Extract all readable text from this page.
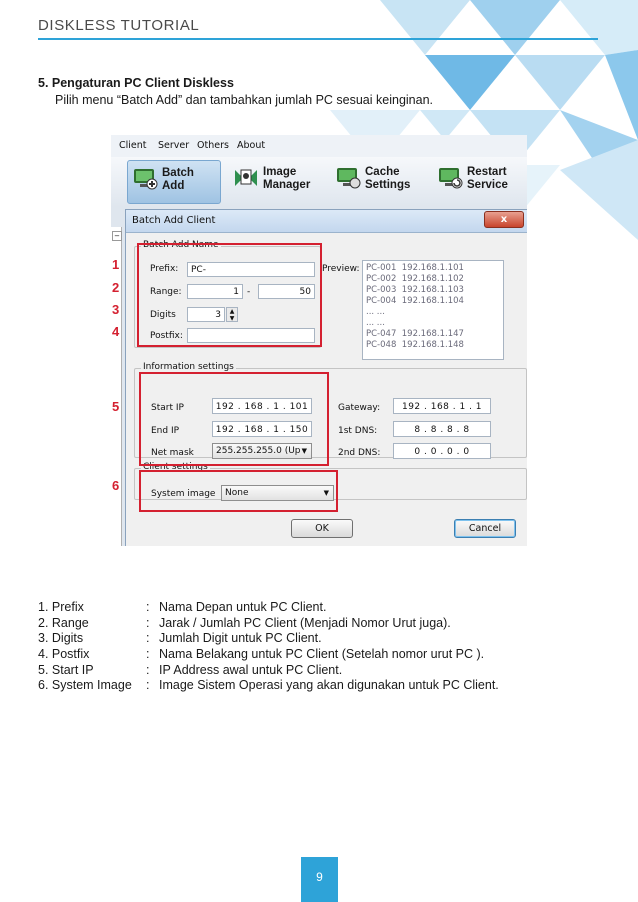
DISKLESS TUTORIAL
5. Pengaturan PC Client Diskless
Pilih menu “Batch Add” dan tambahkan jumlah PC sesuai keinginan.
Client Server Others About
Batch
Add
Image
Manager
Cache
Settings
Restart
Service
−
Batch Add Client	x
Batch Add Name
Prefix:	PC-
Range:	1 -	50
Digits	3	▲
▼
Postfix:
Preview: PC-001  192.168.1.101
PC-002  192.168.1.102
PC-003  192.168.1.103
PC-004  192.168.1.104
... ...
... ...
PC-047  192.168.1.147
PC-048  192.168.1.148
Information settings
Start IP	192 . 168 . 1 . 101
End IP	192 . 168 . 1 . 150
Net mask	255.255.255.0 (Up ▼
Gateway:	192 . 168 . 1 . 1
1st DNS:	8 . 8 . 8 . 8
2nd DNS:	0 . 0 . 0 . 0
Client settings
System image	None	▼
OK	Cancel
1
2
3
4
5
6
1. Prefix	: Nama Depan untuk PC Client.
2. Range	: Jarak / Jumlah PC Client (Menjadi Nomor Urut juga).
3. Digits	: Jumlah Digit untuk PC Client.
4. Postfix	: Nama Belakang untuk PC Client (Setelah nomor urut PC ).
5. Start IP	: IP Address awal untuk PC Client.
6. System Image : Image Sistem Operasi yang akan digunakan untuk PC Client.
9
